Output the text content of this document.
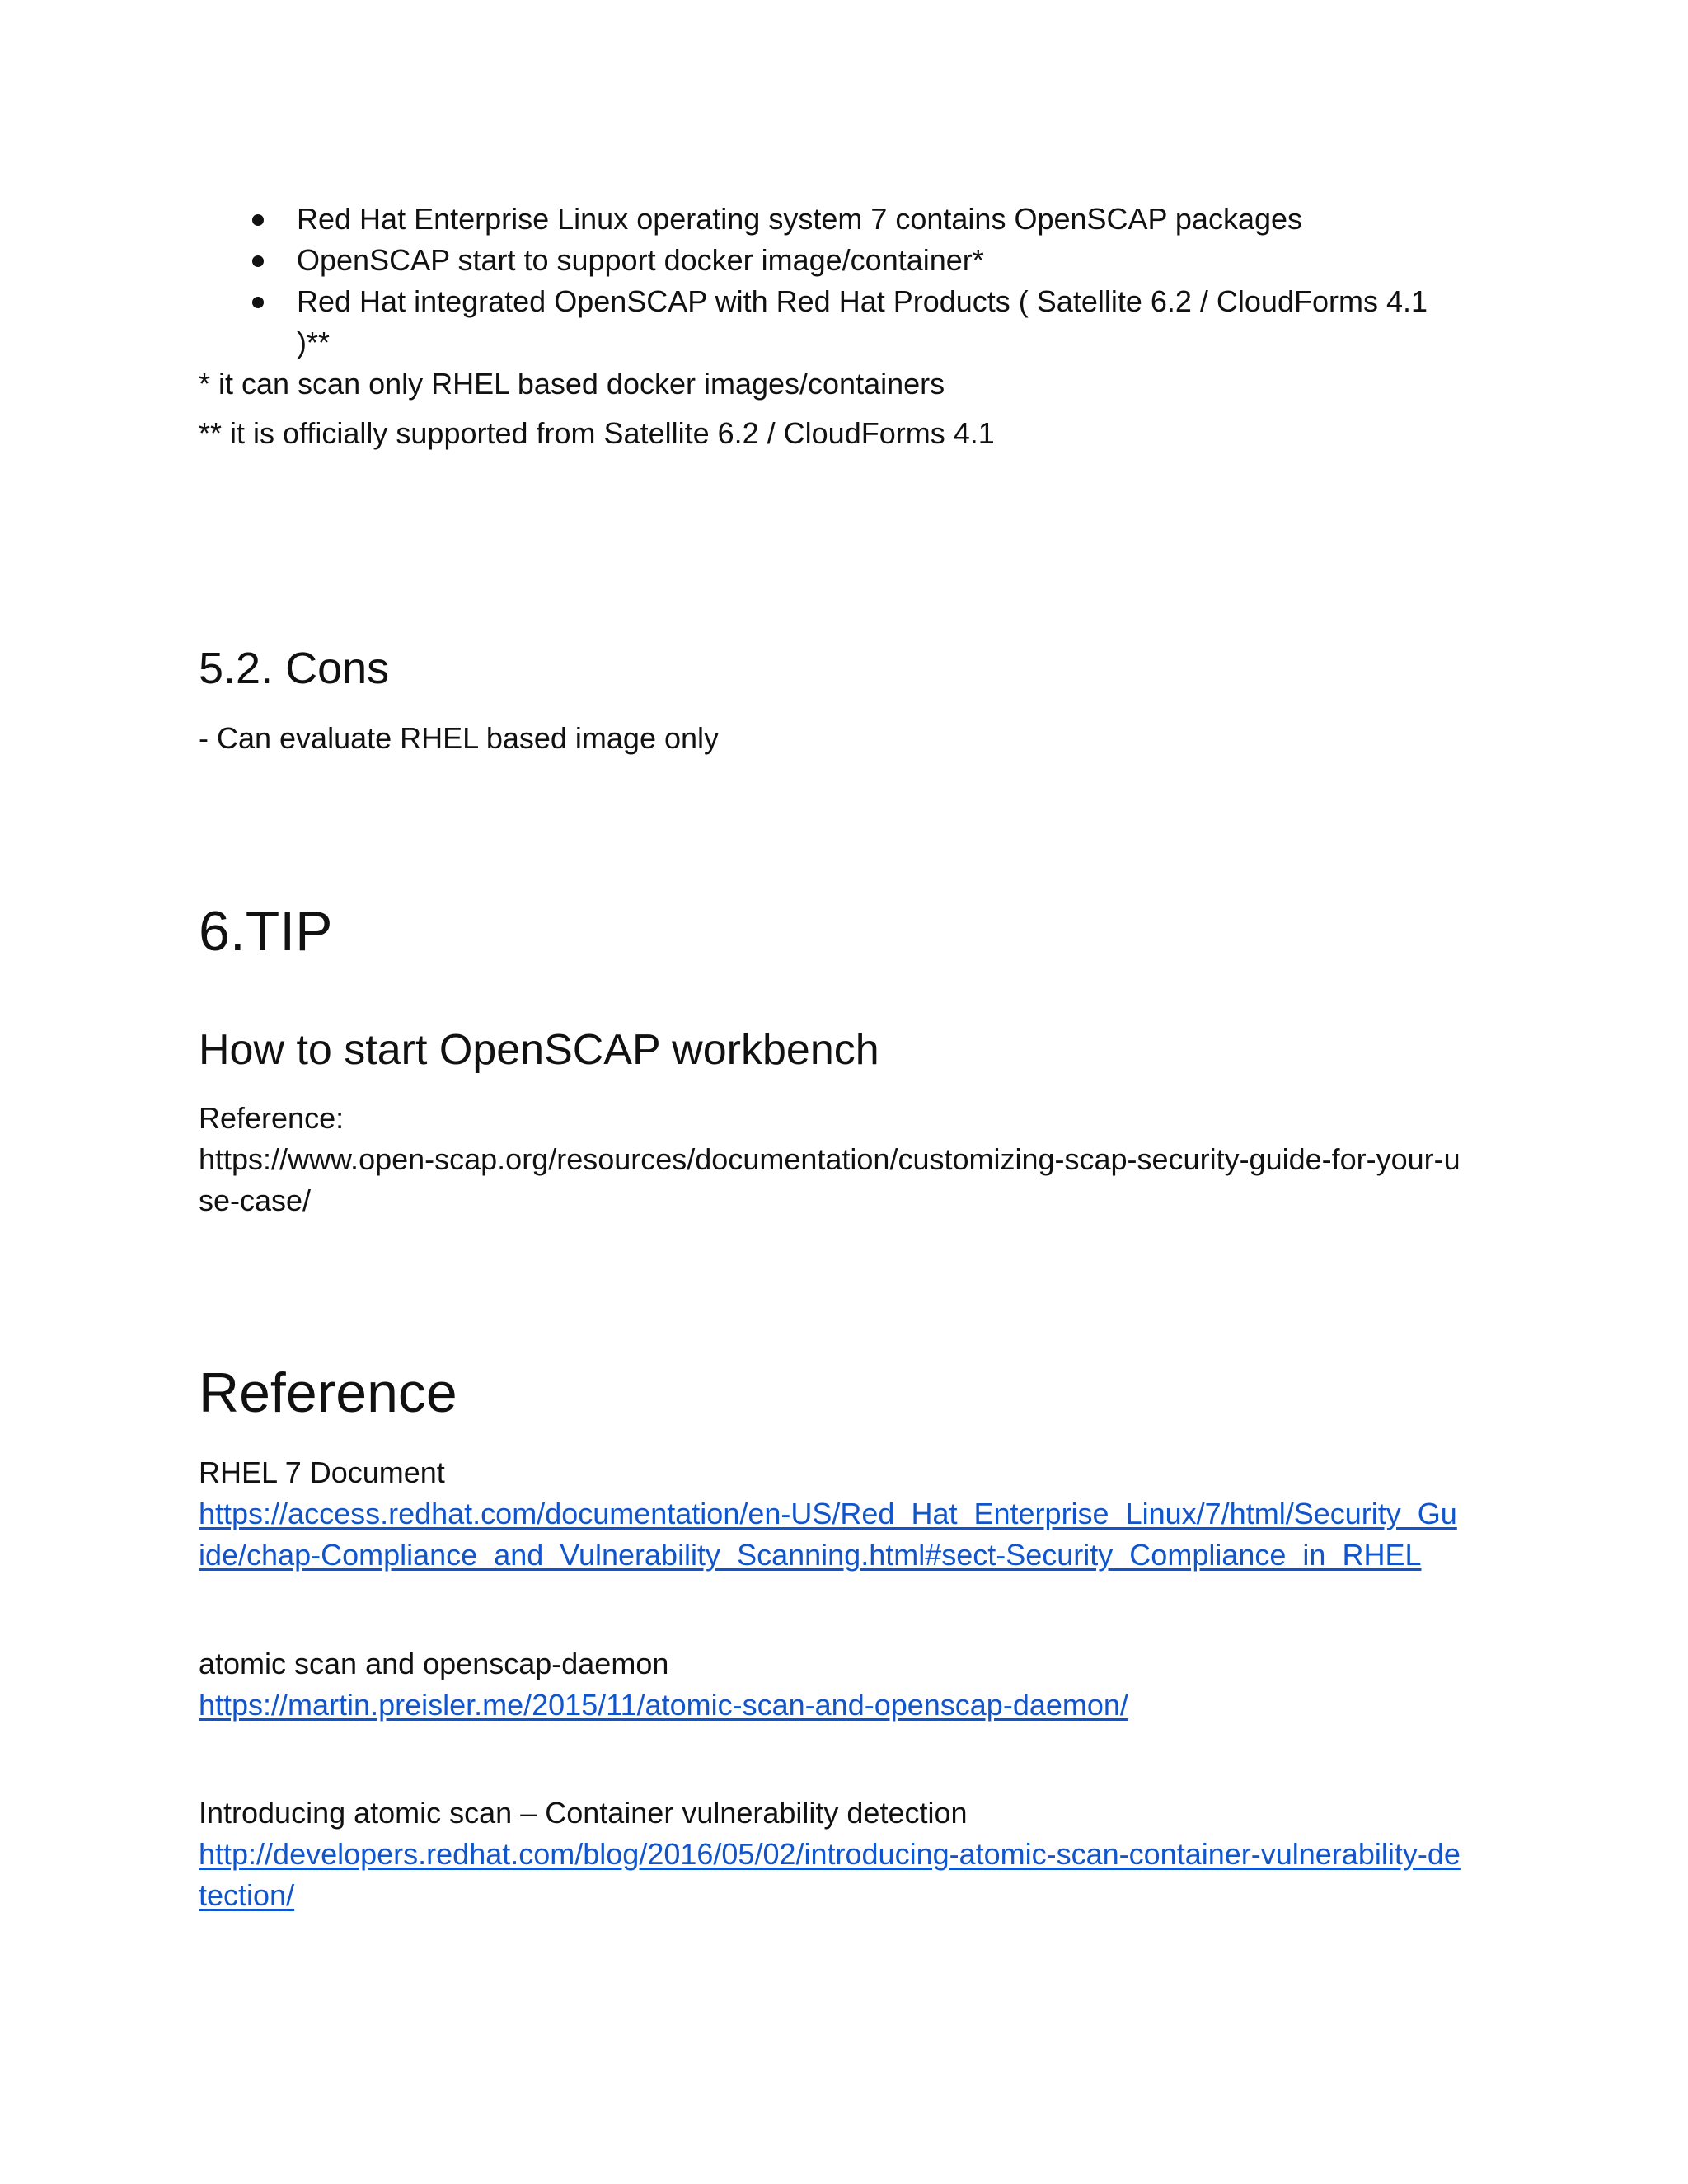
Red Hat Enterprise Linux operating system 7 contains OpenSCAP packages
OpenSCAP start to support docker image/container*
Red Hat integrated OpenSCAP with Red Hat Products ( Satellite 6.2 / CloudForms 4.1
)**
* it can scan only RHEL based docker images/containers
** it is officially supported from Satellite 6.2 / CloudForms 4.1
5.2. Cons
- Can evaluate RHEL based image only
6.TIP
How to start OpenSCAP workbench
Reference:
https://www.open-scap.org/resources/documentation/customizing-scap-security-guide-for-your-u
se-case/
Reference
RHEL 7 Document
https://access.redhat.com/documentation/en-US/Red_Hat_Enterprise_Linux/7/html/Security_Gu
ide/chap-Compliance_and_Vulnerability_Scanning.html#sect-Security_Compliance_in_RHEL
atomic scan and openscap-daemon
https://martin.preisler.me/2015/11/atomic-scan-and-openscap-daemon/
Introducing atomic scan – Container vulnerability detection
http://developers.redhat.com/blog/2016/05/02/introducing-atomic-scan-container-vulnerability-de
tection/
